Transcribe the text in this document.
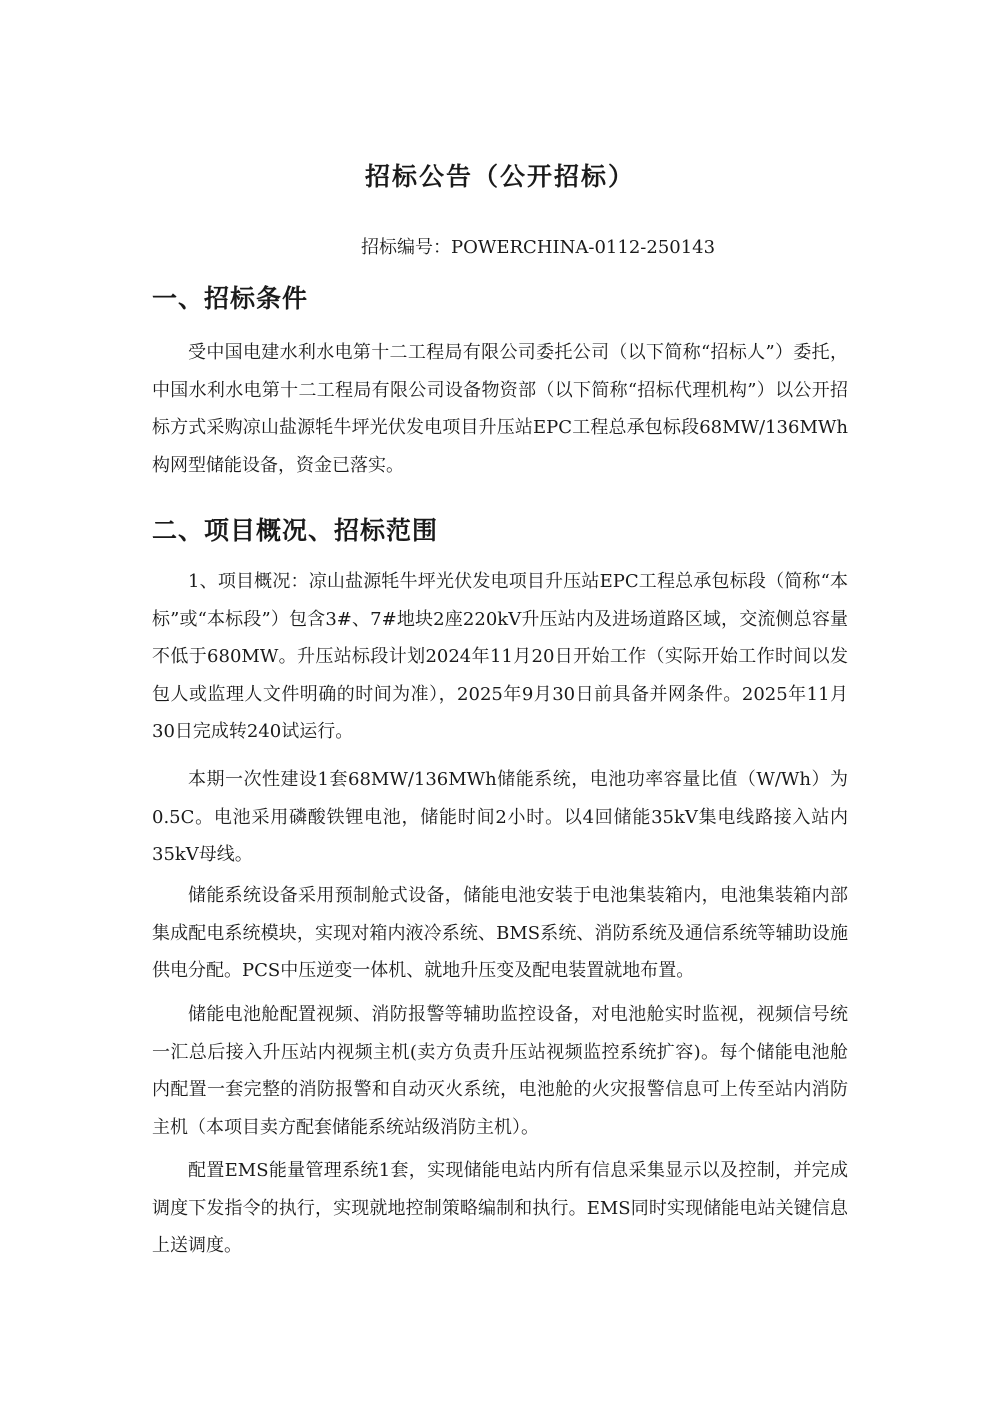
招标公告（公开招标）

招标编号：POWERCHINA-0112-250143

一、招标条件

受中国电建水利水电第十二工程局有限公司委托公司（以下简称“招标人”）委托，中国水利水电第十二工程局有限公司设备物资部（以下简称“招标代理机构”）以公开招标方式采购凉山盐源牦牛坪光伏发电项目升压站EPC工程总承包标段68MW/136MWh构网型储能设备，资金已落实。

二、项目概况、招标范围

1、项目概况：凉山盐源牦牛坪光伏发电项目升压站EPC工程总承包标段（简称“本标”或“本标段”）包含3#、7#地块2座220kV升压站内及进场道路区域，交流侧总容量不低于680MW。升压站标段计划2024年11月20日开始工作（实际开始工作时间以发包人或监理人文件明确的时间为准），2025年9月30日前具备并网条件。2025年11月30日完成转240试运行。

本期一次性建设1套68MW/136MWh储能系统，电池功率容量比值（W/Wh）为0.5C。电池采用磷酸铁锂电池，储能时间2小时。以4回储能35kV集电线路接入站内35kV母线。

储能系统设备采用预制舱式设备，储能电池安装于电池集装箱内，电池集装箱内部集成配电系统模块，实现对箱内液冷系统、BMS系统、消防系统及通信系统等辅助设施供电分配。PCS中压逆变一体机、就地升压变及配电装置就地布置。

储能电池舱配置视频、消防报警等辅助监控设备，对电池舱实时监视，视频信号统一汇总后接入升压站内视频主机(卖方负责升压站视频监控系统扩容)。每个储能电池舱内配置一套完整的消防报警和自动灭火系统，电池舱的火灾报警信息可上传至站内消防主机（本项目卖方配套储能系统站级消防主机）。

配置EMS能量管理系统1套，实现储能电站内所有信息采集显示以及控制，并完成调度下发指令的执行，实现就地控制策略编制和执行。EMS同时实现储能电站关键信息上送调度。
